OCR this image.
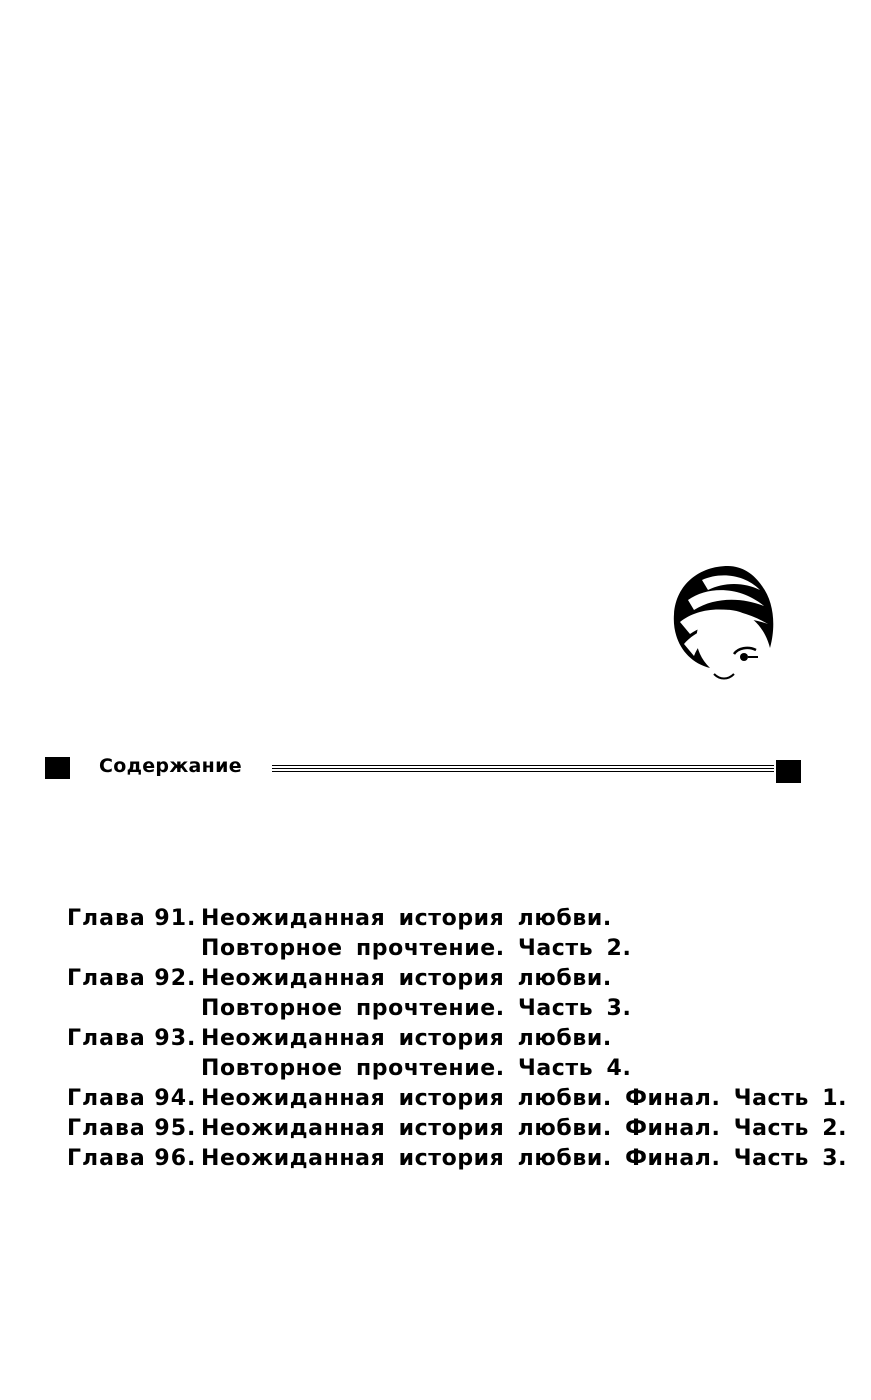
Содержание
Глава 91. Неожиданная история любви.
Повторное прочтение. Часть 2.
Глава 92. Неожиданная история любви.
Повторное прочтение. Часть 3.
Глава 93. Неожиданная история любви.
Повторное прочтение. Часть 4.
Глава 94. Неожиданная история любви. Финал. Часть 1.
Глава 95. Неожиданная история любви. Финал. Часть 2.
Глава 96. Неожиданная история любви. Финал. Часть 3.
